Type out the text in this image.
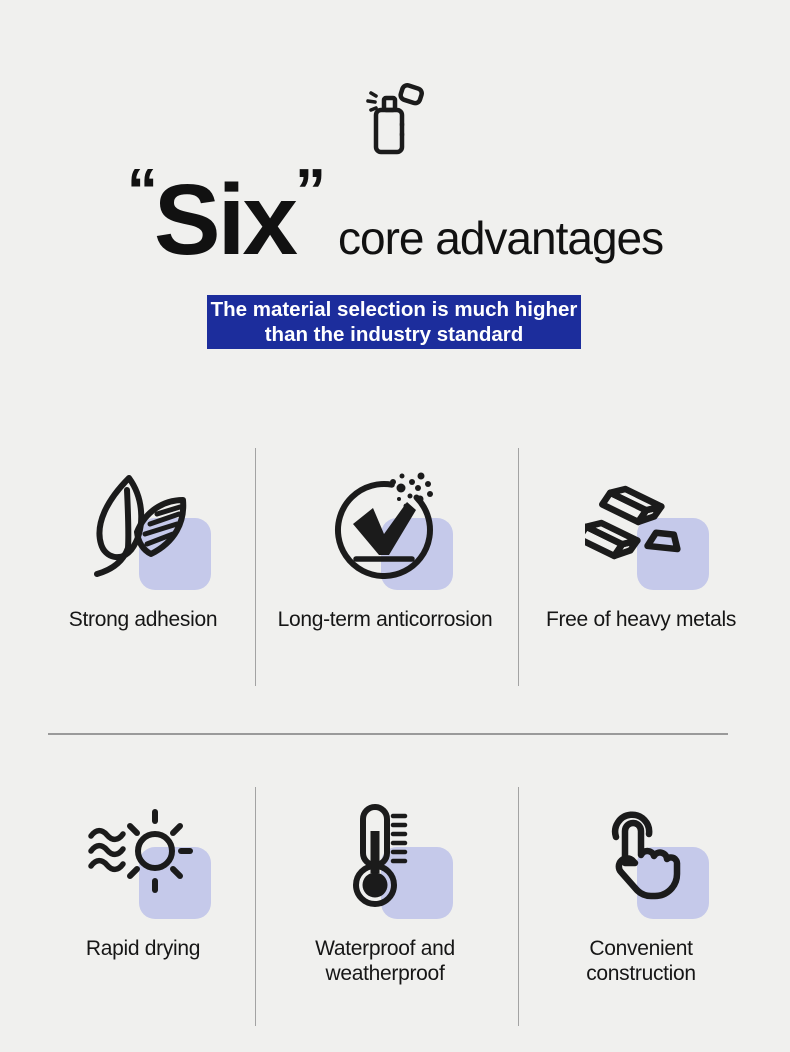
“Six”core advantages
The material selection is much higher
than the industry standard
Strong adhesion	Long-term anticorrosion	Free of heavy metals
Rapid drying	Waterproof and weatherproof
Convenient construction
